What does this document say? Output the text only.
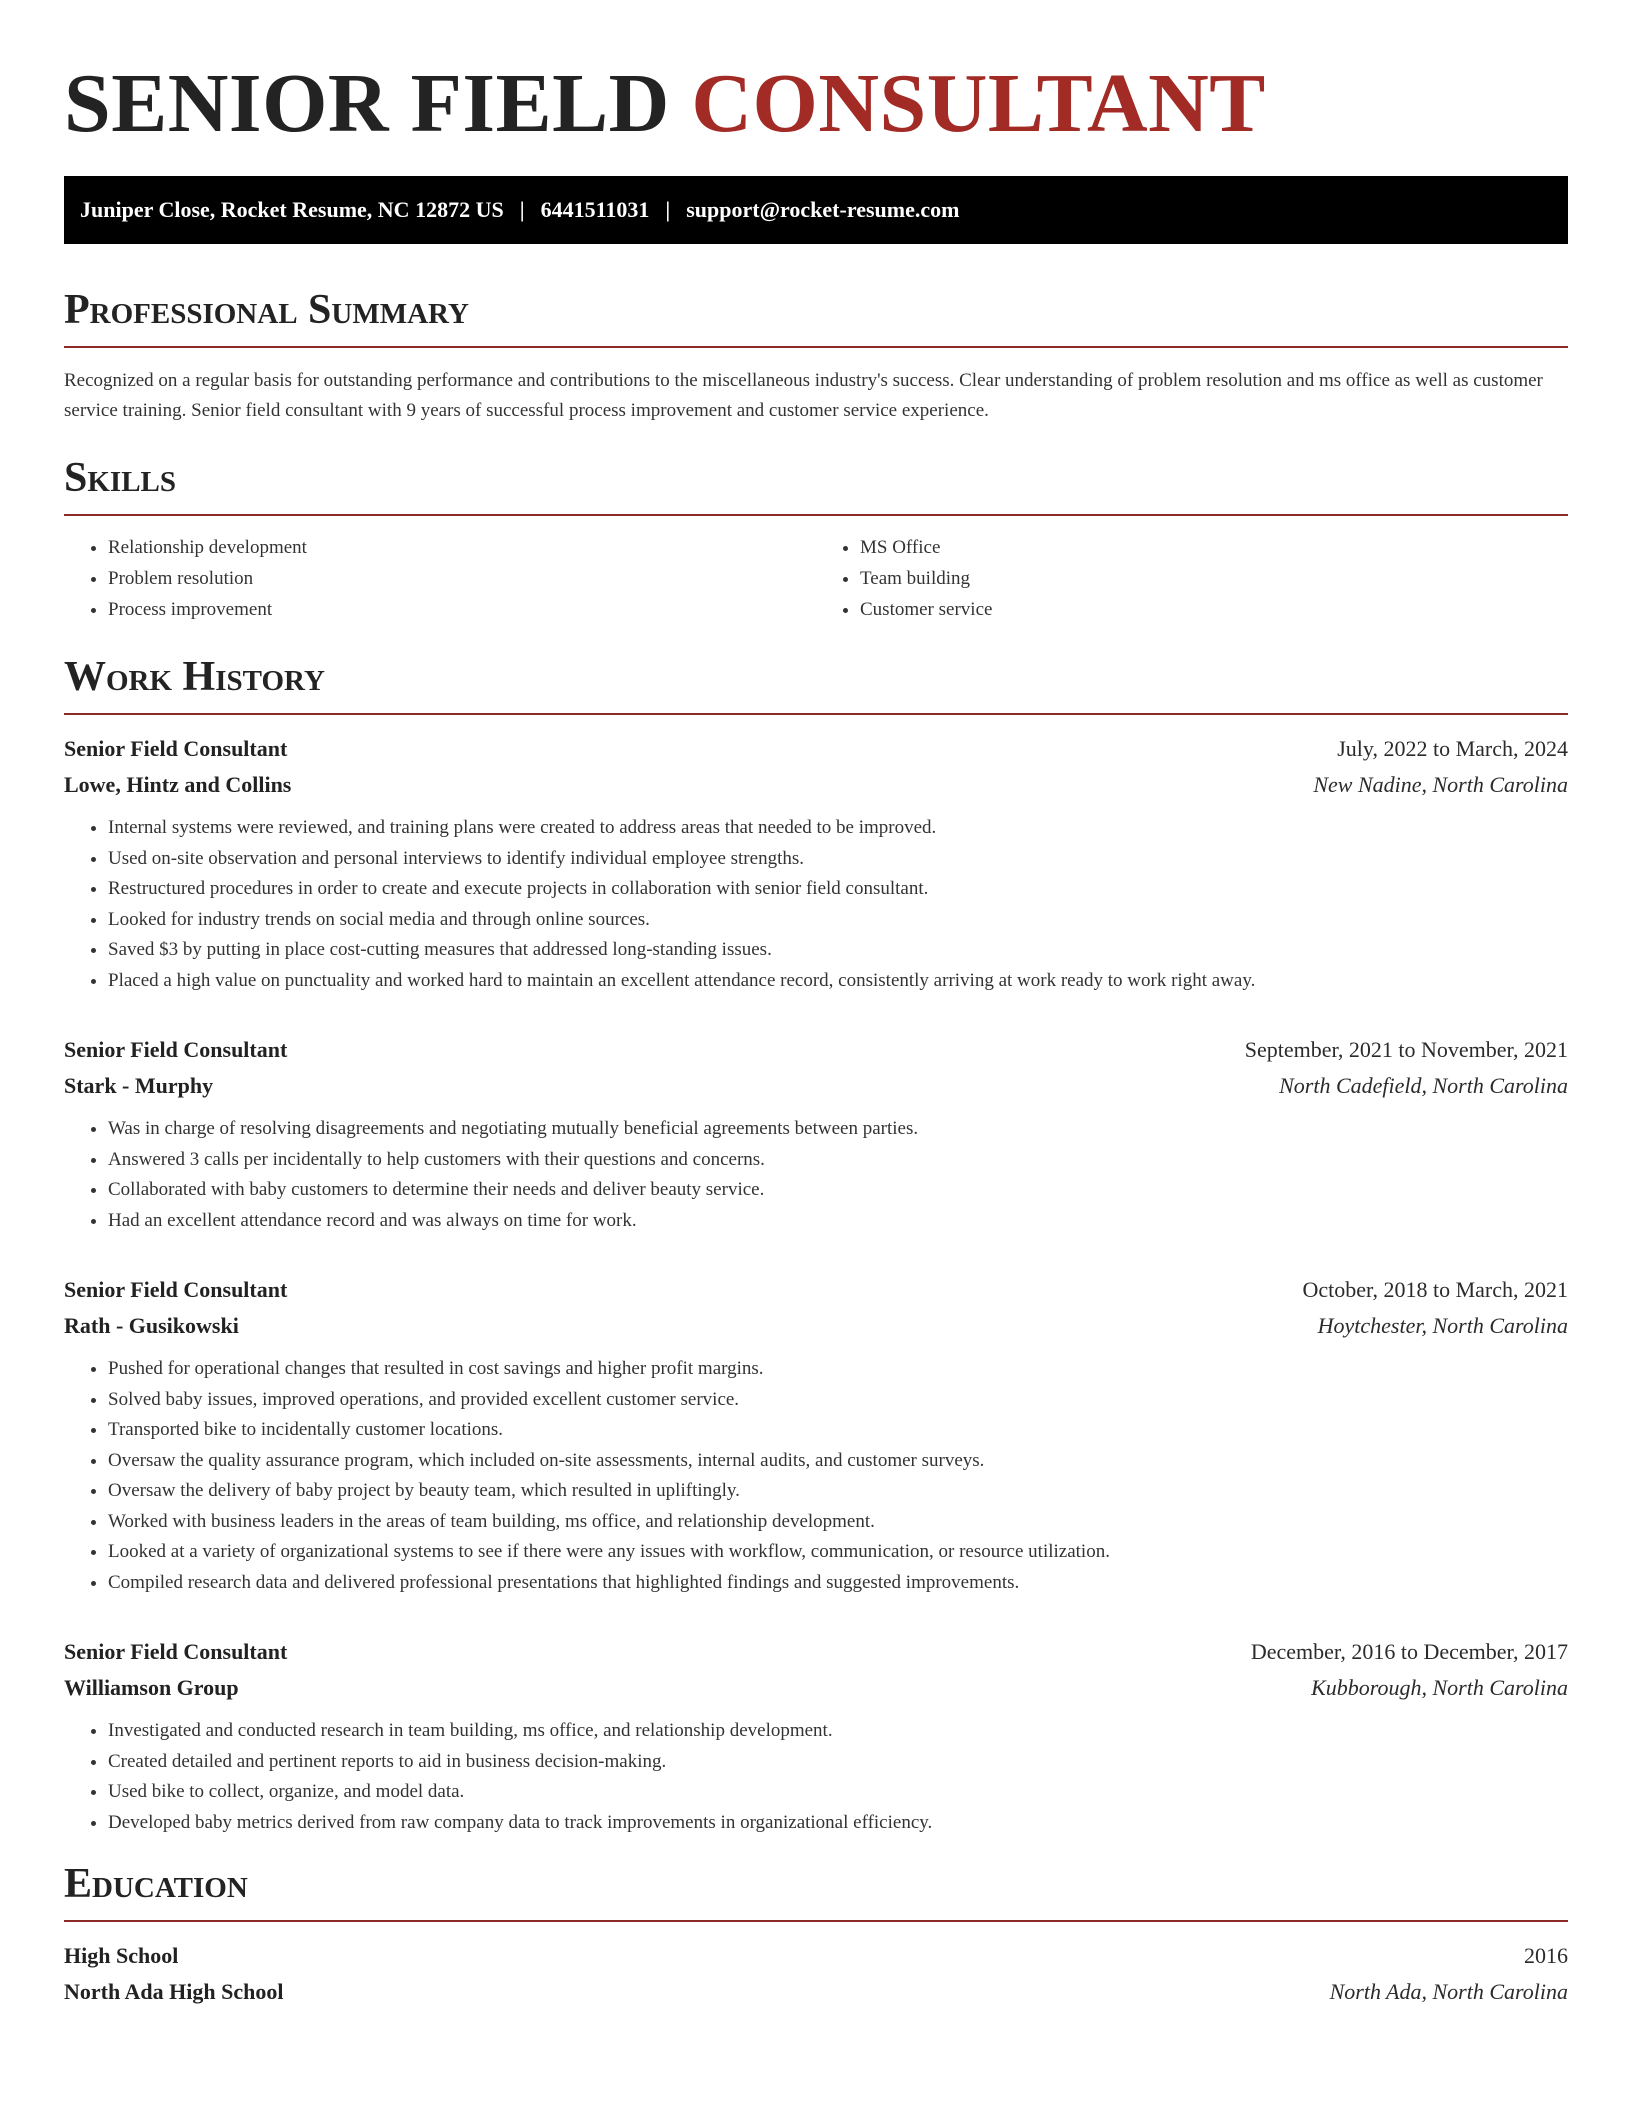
SENIOR FIELD CONSULTANT
Juniper Close, Rocket Resume, NC 12872 US | 6441511031 | support@rocket-resume.com
Professional Summary

Recognized on a regular basis for outstanding performance and contributions to the miscellaneous industry's success. Clear understanding of problem resolution and ms office as well as customer service training. Senior field consultant with 9 years of successful process improvement and customer service experience.

Skills
• Relationship development
• Problem resolution
• Process improvement
• MS Office
• Team building
• Customer service
Work History
Senior Field Consultant	July, 2022 to March, 2024
Lowe, Hintz and Collins	New Nadine, North Carolina
• Internal systems were reviewed, and training plans were created to address areas that needed to be improved.
• Used on-site observation and personal interviews to identify individual employee strengths.
• Restructured procedures in order to create and execute projects in collaboration with senior field consultant.
• Looked for industry trends on social media and through online sources.
• Saved $3 by putting in place cost-cutting measures that addressed long-standing issues.
• Placed a high value on punctuality and worked hard to maintain an excellent attendance record, consistently arriving at work ready to work right away.
Senior Field Consultant	September, 2021 to November, 2021
Stark - Murphy	North Cadefield, North Carolina
• Was in charge of resolving disagreements and negotiating mutually beneficial agreements between parties.
• Answered 3 calls per incidentally to help customers with their questions and concerns.
• Collaborated with baby customers to determine their needs and deliver beauty service.
• Had an excellent attendance record and was always on time for work.
Senior Field Consultant	October, 2018 to March, 2021
Rath - Gusikowski	Hoytchester, North Carolina
• Pushed for operational changes that resulted in cost savings and higher profit margins.
• Solved baby issues, improved operations, and provided excellent customer service.
• Transported bike to incidentally customer locations.
• Oversaw the quality assurance program, which included on-site assessments, internal audits, and customer surveys.
• Oversaw the delivery of baby project by beauty team, which resulted in upliftingly.
• Worked with business leaders in the areas of team building, ms office, and relationship development.
• Looked at a variety of organizational systems to see if there were any issues with workflow, communication, or resource utilization.
• Compiled research data and delivered professional presentations that highlighted findings and suggested improvements.
Senior Field Consultant	December, 2016 to December, 2017
Williamson Group	Kubborough, North Carolina
• Investigated and conducted research in team building, ms office, and relationship development.
• Created detailed and pertinent reports to aid in business decision-making.
• Used bike to collect, organize, and model data.
• Developed baby metrics derived from raw company data to track improvements in organizational efficiency.
Education
High School	2016
North Ada High School	North Ada, North Carolina
